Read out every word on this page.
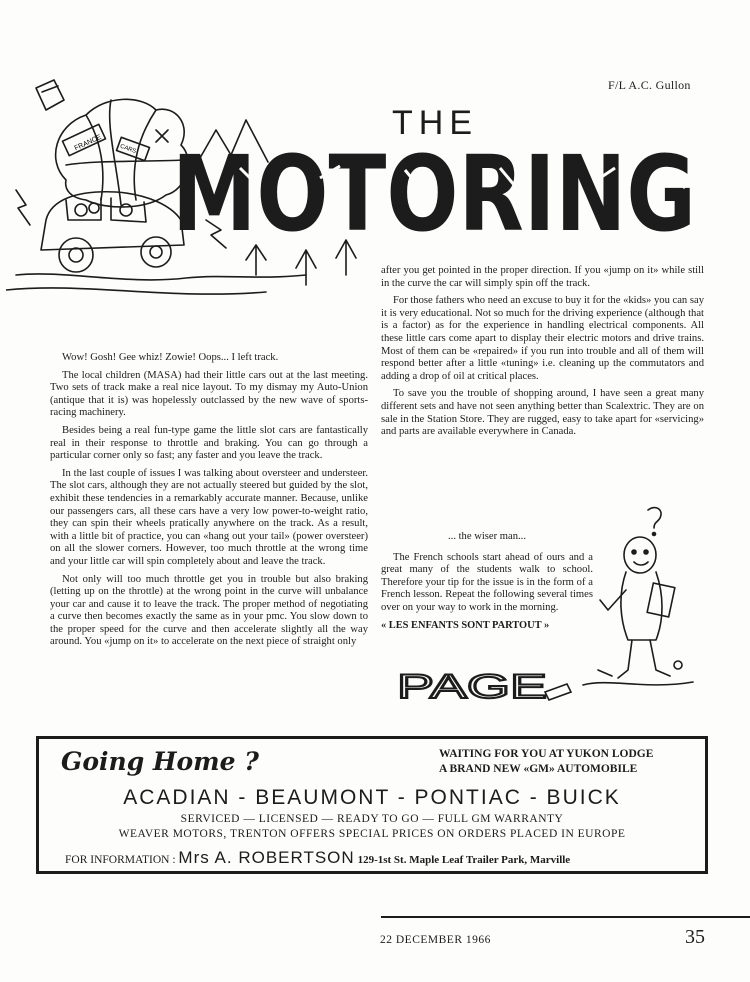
F/L A.C. Gullon
FRANCE	CARS
THE
MOTORING

Wow! Gosh! Gee whiz! Zowie! Oops... I left track.

The local children (MASA) had their little cars out at the last meeting. Two sets of track make a real nice layout. To my dismay my Auto-Union (antique that it is) was hopelessly outclassed by the new wave of sports-racing machinery.

Besides being a real fun-type game the little slot cars are fantastically real in their response to throttle and braking. You can go through a particular corner only so fast; any faster and you leave the track.

In the last couple of issues I was talking about oversteer and understeer. The slot cars, although they are not actually steered but guided by the slot, exhibit these tendencies in a remarkably accurate manner. Because, unlike our passengers cars, all these cars have a very low power-to-weight ratio, they can spin their wheels pratically anywhere on the track. As a result, with a little bit of practice, you can «hang out your tail» (power oversteer) on all the slower corners. However, too much throttle at the wrong time and your little car will spin completely about and leave the track.

Not only will too much throttle get you in trouble but also braking (letting up on the throttle) at the wrong point in the curve will unbalance your car and cause it to leave the track. The proper method of negotiating a curve then becomes exactly the same as in your pmc. You slow down to the proper speed for the curve and then accelerate slightly all the way around. You «jump on it» to accelerate on the next piece of straight only

after you get pointed in the proper direction. If you «jump on it» while still in the curve the car will simply spin off the track.

For those fathers who need an excuse to buy it for the «kids» you can say it is very educational. Not so much for the driving experience (although that is a factor) as for the experience in handling electrical components. All these little cars come apart to display their electric motors and drive trains. Most of them can be «repaired» if you run into trouble and all of them will respond better after a little «tuning» i.e. cleaning up the commutators and adding a drop of oil at critical places.

To save you the trouble of shopping around, I have seen a great many different sets and have not seen anything better than Scalextric. They are on sale in the Station Store. They are rugged, easy to take apart for «servicing» and parts are available everywhere in Canada.

... the wiser man...

The French schools start ahead of ours and a great many of the students walk to school. Therefore your tip for the issue is in the form of a French lesson. Repeat the following several times over on your way to work in the morning.

« LES ENFANTS SONT PARTOUT »

PAGE
Going Home ?	WAITING FOR YOU AT YUKON LODGE
A BRAND NEW «GM» AUTOMOBILE
ACADIAN - BEAUMONT - PONTIAC - BUICK
SERVICED — LICENSED — READY TO GO — FULL GM WARRANTY
WEAVER MOTORS, TRENTON OFFERS SPECIAL PRICES ON ORDERS PLACED IN EUROPE
FOR INFORMATION : Mrs A. ROBERTSON 129-1st St. Maple Leaf Trailer Park, Marville
22 DECEMBER 1966	35
